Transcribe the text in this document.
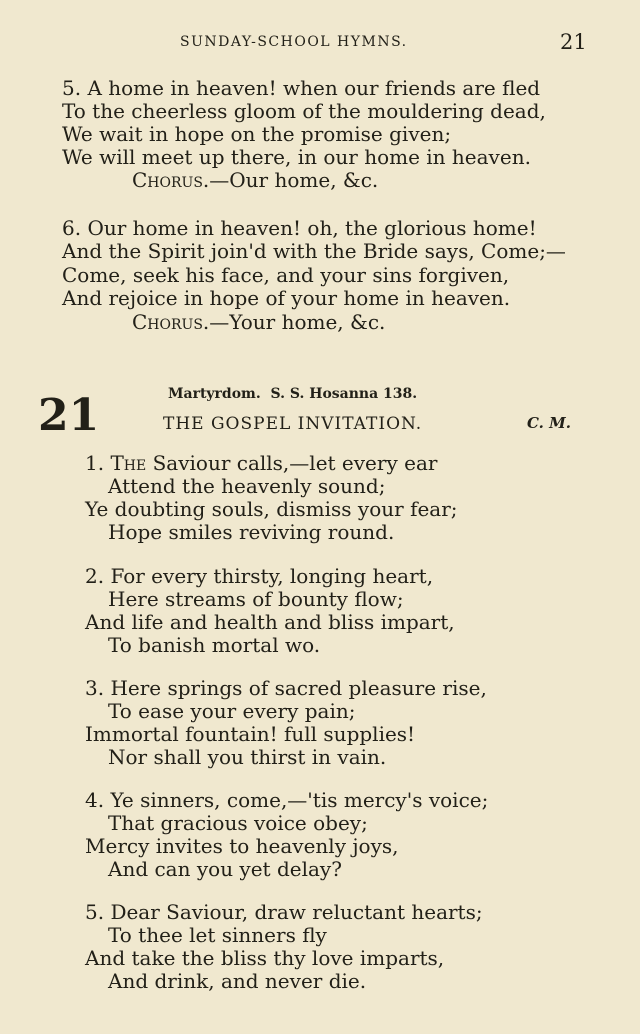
SUNDAY-SCHOOL HYMNS.	21
5. A home in heaven! when our friends are fled
To the cheerless gloom of the mouldering dead,
We wait in hope on the promise given;
We will meet up there, in our home in heaven.
Chorus.—Our home, &c.
6. Our home in heaven! oh, the glorious home!
And the Spirit join'd with the Bride says, Come;—
Come, seek his face, and your sins forgiven,
And rejoice in hope of your home in heaven.
Chorus.—Your home, &c.
21	Martyrdom. S. S. Hosanna 138.
THE GOSPEL INVITATION.	C. M.
1. The Saviour calls,—let every ear
Attend the heavenly sound;
Ye doubting souls, dismiss your fear;
Hope smiles reviving round.
2. For every thirsty, longing heart,
Here streams of bounty flow;
And life and health and bliss impart,
To banish mortal wo.
3. Here springs of sacred pleasure rise,
To ease your every pain;
Immortal fountain! full supplies!
Nor shall you thirst in vain.
4. Ye sinners, come,—'tis mercy's voice;
That gracious voice obey;
Mercy invites to heavenly joys,
And can you yet delay?
5. Dear Saviour, draw reluctant hearts;
To thee let sinners fly
And take the bliss thy love imparts,
And drink, and never die.
